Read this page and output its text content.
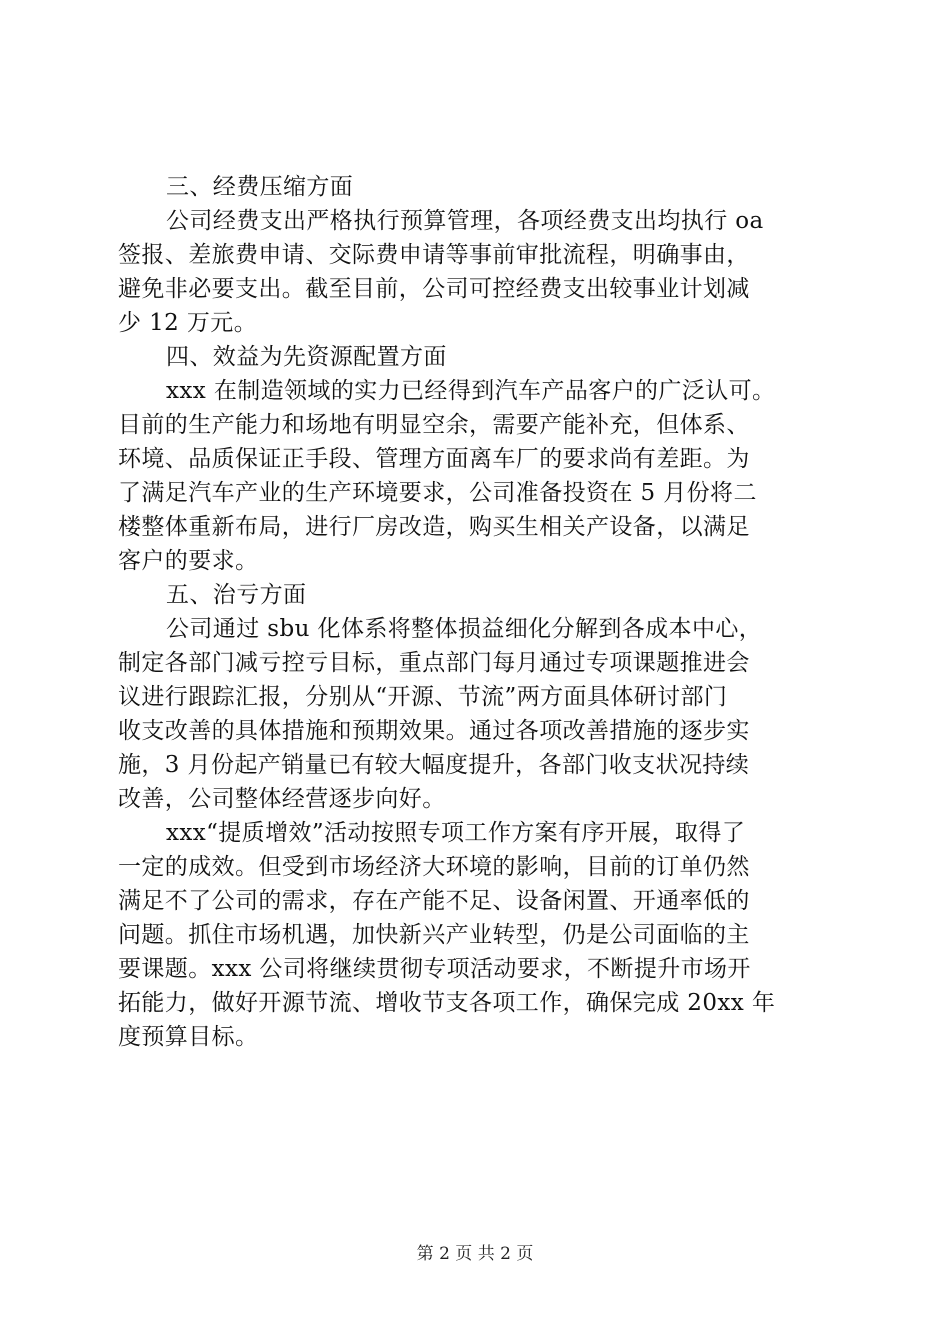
三、经费压缩方面
公司经费支出严格执行预算管理，各项经费支出均执行 oa
签报、差旅费申请、交际费申请等事前审批流程，明确事由，
避免非必要支出。截至目前，公司可控经费支出较事业计划减
少 12 万元。
四、效益为先资源配置方面
xxx 在制造领域的实力已经得到汽车产品客户的广泛认可。
目前的生产能力和场地有明显空余，需要产能补充，但体系、
环境、品质保证正手段、管理方面离车厂的要求尚有差距。为
了满足汽车产业的生产环境要求，公司准备投资在 5 月份将二
楼整体重新布局，进行厂房改造，购买生相关产设备，以满足
客户的要求。
五、治亏方面
公司通过 sbu 化体系将整体损益细化分解到各成本中心，
制定各部门减亏控亏目标，重点部门每月通过专项课题推进会
议进行跟踪汇报，分别从“开源、节流”两方面具体研讨部门
收支改善的具体措施和预期效果。通过各项改善措施的逐步实
施，3 月份起产销量已有较大幅度提升，各部门收支状况持续
改善，公司整体经营逐步向好。
xxx“提质增效”活动按照专项工作方案有序开展，取得了
一定的成效。但受到市场经济大环境的影响，目前的订单仍然
满足不了公司的需求，存在产能不足、设备闲置、开通率低的
问题。抓住市场机遇，加快新兴产业转型，仍是公司面临的主
要课题。xxx 公司将继续贯彻专项活动要求，不断提升市场开
拓能力，做好开源节流、增收节支各项工作，确保完成 20xx 年
度预算目标。
第 2 页 共 2 页
